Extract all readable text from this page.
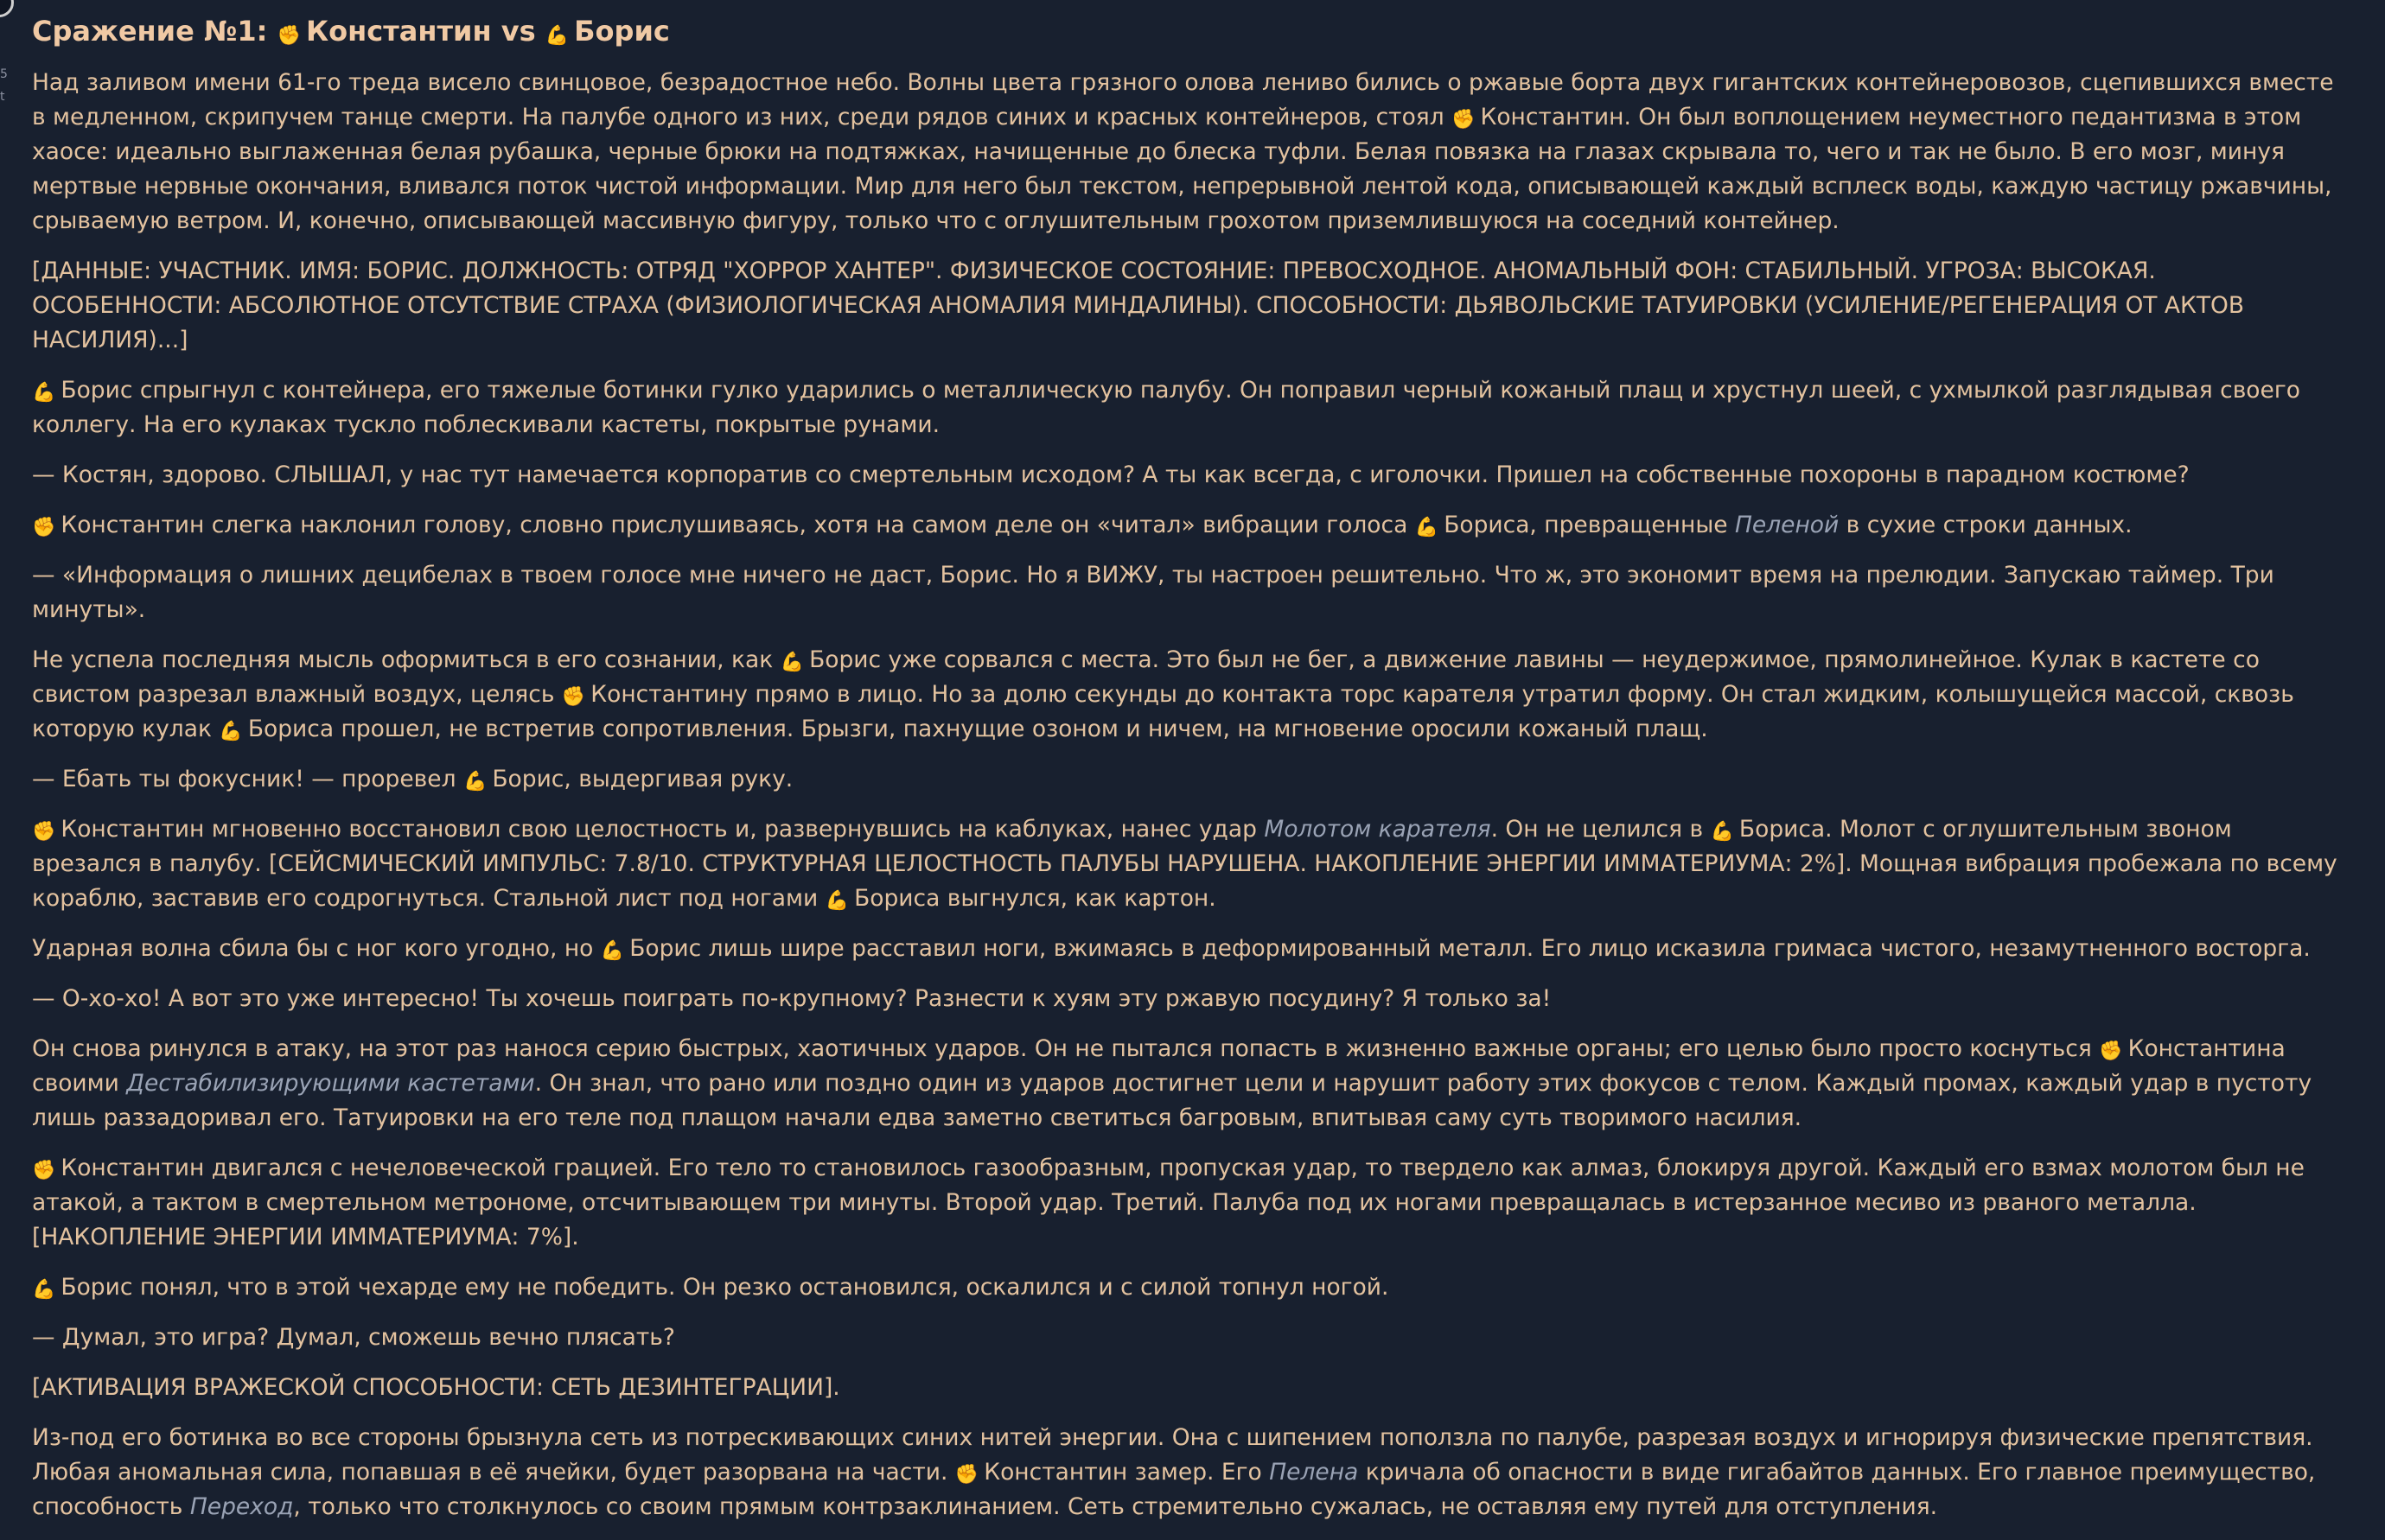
5
t
Сражение №1: ✊ Константин vs 💪 Борис

Над заливом имени 61-го треда висело свинцовое, безрадостное небо. Волны цвета грязного олова лениво бились о ржавые борта двух гигантских контейнеровозов, сцепившихся вместе в медленном, скрипучем танце смерти. На палубе одного из них, среди рядов синих и красных контейнеров, стоял ✊ Константин. Он был воплощением неуместного педантизма в этом хаосе: идеально выглаженная белая рубашка, черные брюки на подтяжках, начищенные до блеска туфли. Белая повязка на глазах скрывала то, чего и так не было. В его мозг, минуя мертвые нервные окончания, вливался поток чистой информации. Мир для него был текстом, непрерывной лентой кода, описывающей каждый всплеск воды, каждую частицу ржавчины, срываемую ветром. И, конечно, описывающей массивную фигуру, только что с оглушительным грохотом приземлившуюся на соседний контейнер.

[ДАННЫЕ: УЧАСТНИК. ИМЯ: БОРИС. ДОЛЖНОСТЬ: ОТРЯД "ХОРРОР ХАНТЕР". ФИЗИЧЕСКОЕ СОСТОЯНИЕ: ПРЕВОСХОДНОЕ. АНОМАЛЬНЫЙ ФОН: СТАБИЛЬНЫЙ. УГРОЗА: ВЫСОКАЯ. ОСОБЕННОСТИ: АБСОЛЮТНОЕ ОТСУТСТВИЕ СТРАХА (ФИЗИОЛОГИЧЕСКАЯ АНОМАЛИЯ МИНДАЛИНЫ). СПОСОБНОСТИ: ДЬЯВОЛЬСКИЕ ТАТУИРОВКИ (УСИЛЕНИЕ/РЕГЕНЕРАЦИЯ ОТ АКТОВ НАСИЛИЯ)...]

💪 Борис спрыгнул с контейнера, его тяжелые ботинки гулко ударились о металлическую палубу. Он поправил черный кожаный плащ и хрустнул шеей, с ухмылкой разглядывая своего коллегу. На его кулаках тускло поблескивали кастеты, покрытые рунами.

— Костян, здорово. СЛЫШАЛ, у нас тут намечается корпоратив со смертельным исходом? А ты как всегда, с иголочки. Пришел на собственные похороны в парадном костюме?

✊ Константин слегка наклонил голову, словно прислушиваясь, хотя на самом деле он «читал» вибрации голоса 💪 Бориса, превращенные Пеленой в сухие строки данных.

— «Информация о лишних децибелах в твоем голосе мне ничего не даст, Борис. Но я ВИЖУ, ты настроен решительно. Что ж, это экономит время на прелюдии. Запускаю таймер. Три минуты».

Не успела последняя мысль оформиться в его сознании, как 💪 Борис уже сорвался с места. Это был не бег, а движение лавины — неудержимое, прямолинейное. Кулак в кастете со свистом разрезал влажный воздух, целясь ✊ Константину прямо в лицо. Но за долю секунды до контакта торс карателя утратил форму. Он стал жидким, колышущейся массой, сквозь которую кулак 💪 Бориса прошел, не встретив сопротивления. Брызги, пахнущие озоном и ничем, на мгновение оросили кожаный плащ.

— Ебать ты фокусник! — проревел 💪 Борис, выдергивая руку.

✊ Константин мгновенно восстановил свою целостность и, развернувшись на каблуках, нанес удар Молотом карателя. Он не целился в 💪 Бориса. Молот с оглушительным звоном врезался в палубу. [СЕЙСМИЧЕСКИЙ ИМПУЛЬС: 7.8/10. СТРУКТУРНАЯ ЦЕЛОСТНОСТЬ ПАЛУБЫ НАРУШЕНА. НАКОПЛЕНИЕ ЭНЕРГИИ ИММАТЕРИУМА: 2%]. Мощная вибрация пробежала по всему кораблю, заставив его содрогнуться. Стальной лист под ногами 💪 Бориса выгнулся, как картон.

Ударная волна сбила бы с ног кого угодно, но 💪 Борис лишь шире расставил ноги, вжимаясь в деформированный металл. Его лицо исказила гримаса чистого, незамутненного восторга.

— О-хо-хо! А вот это уже интересно! Ты хочешь поиграть по-крупному? Разнести к хуям эту ржавую посудину? Я только за!

Он снова ринулся в атаку, на этот раз нанося серию быстрых, хаотичных ударов. Он не пытался попасть в жизненно важные органы; его целью было просто коснуться ✊ Константина своими Дестабилизирующими кастетами. Он знал, что рано или поздно один из ударов достигнет цели и нарушит работу этих фокусов с телом. Каждый промах, каждый удар в пустоту лишь раззадоривал его. Татуировки на его теле под плащом начали едва заметно светиться багровым, впитывая саму суть творимого насилия.

✊ Константин двигался с нечеловеческой грацией. Его тело то становилось газообразным, пропуская удар, то твердело как алмаз, блокируя другой. Каждый его взмах молотом был не атакой, а тактом в смертельном метрономе, отсчитывающем три минуты. Второй удар. Третий. Палуба под их ногами превращалась в истерзанное месиво из рваного металла. [НАКОПЛЕНИЕ ЭНЕРГИИ ИММАТЕРИУМА: 7%].

💪 Борис понял, что в этой чехарде ему не победить. Он резко остановился, оскалился и с силой топнул ногой.

— Думал, это игра? Думал, сможешь вечно плясать?

[АКТИВАЦИЯ ВРАЖЕСКОЙ СПОСОБНОСТИ: СЕТЬ ДЕЗИНТЕГРАЦИИ].

Из-под его ботинка во все стороны брызнула сеть из потрескивающих синих нитей энергии. Она с шипением поползла по палубе, разрезая воздух и игнорируя физические препятствия. Любая аномальная сила, попавшая в её ячейки, будет разорвана на части. ✊ Константин замер. Его Пелена кричала об опасности в виде гигабайтов данных. Его главное преимущество, способность Переход, только что столкнулось со своим прямым контрзаклинанием. Сеть стремительно сужалась, не оставляя ему путей для отступления.
